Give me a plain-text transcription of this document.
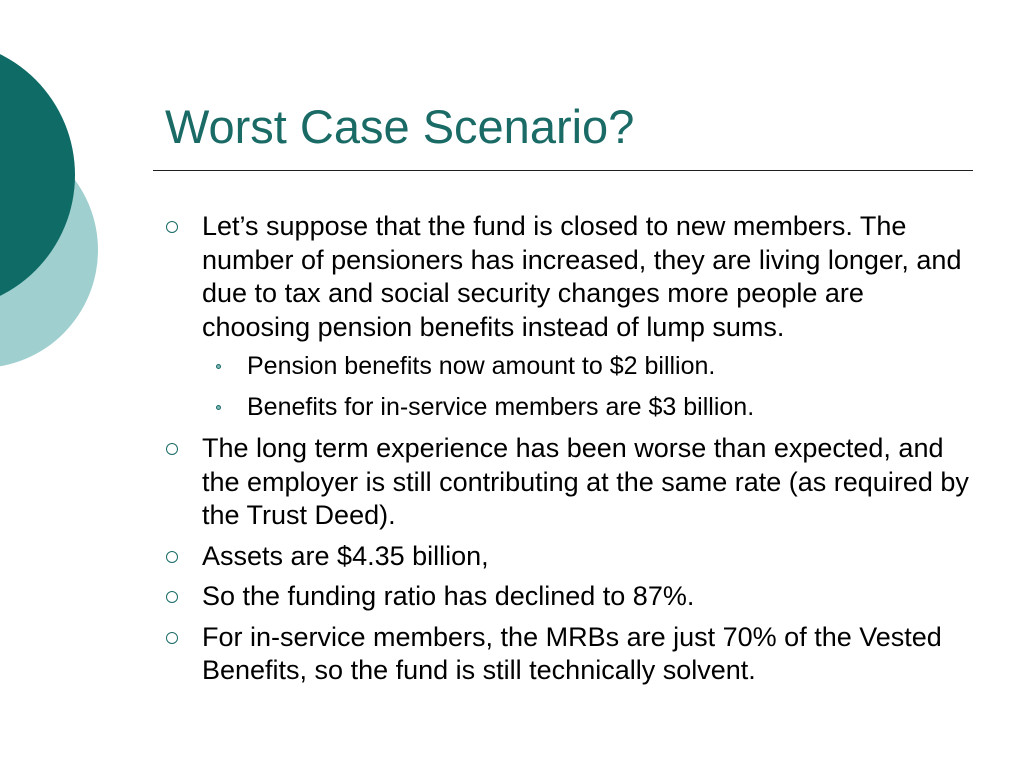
Worst Case Scenario?
Let’s suppose that the fund is closed to new members. The number of pensioners has increased, they are living longer, and due to tax and social security changes more people are choosing pension benefits instead of lump sums.
Pension benefits now amount to $2 billion.
Benefits for in-service members are $3 billion.
The long term experience has been worse than expected, and the employer is still contributing at the same rate (as required by the Trust Deed).
Assets are $4.35 billion,
So the funding ratio has declined to 87%.
For in-service members, the MRBs are just 70% of the Vested Benefits, so the fund is still technically solvent.
